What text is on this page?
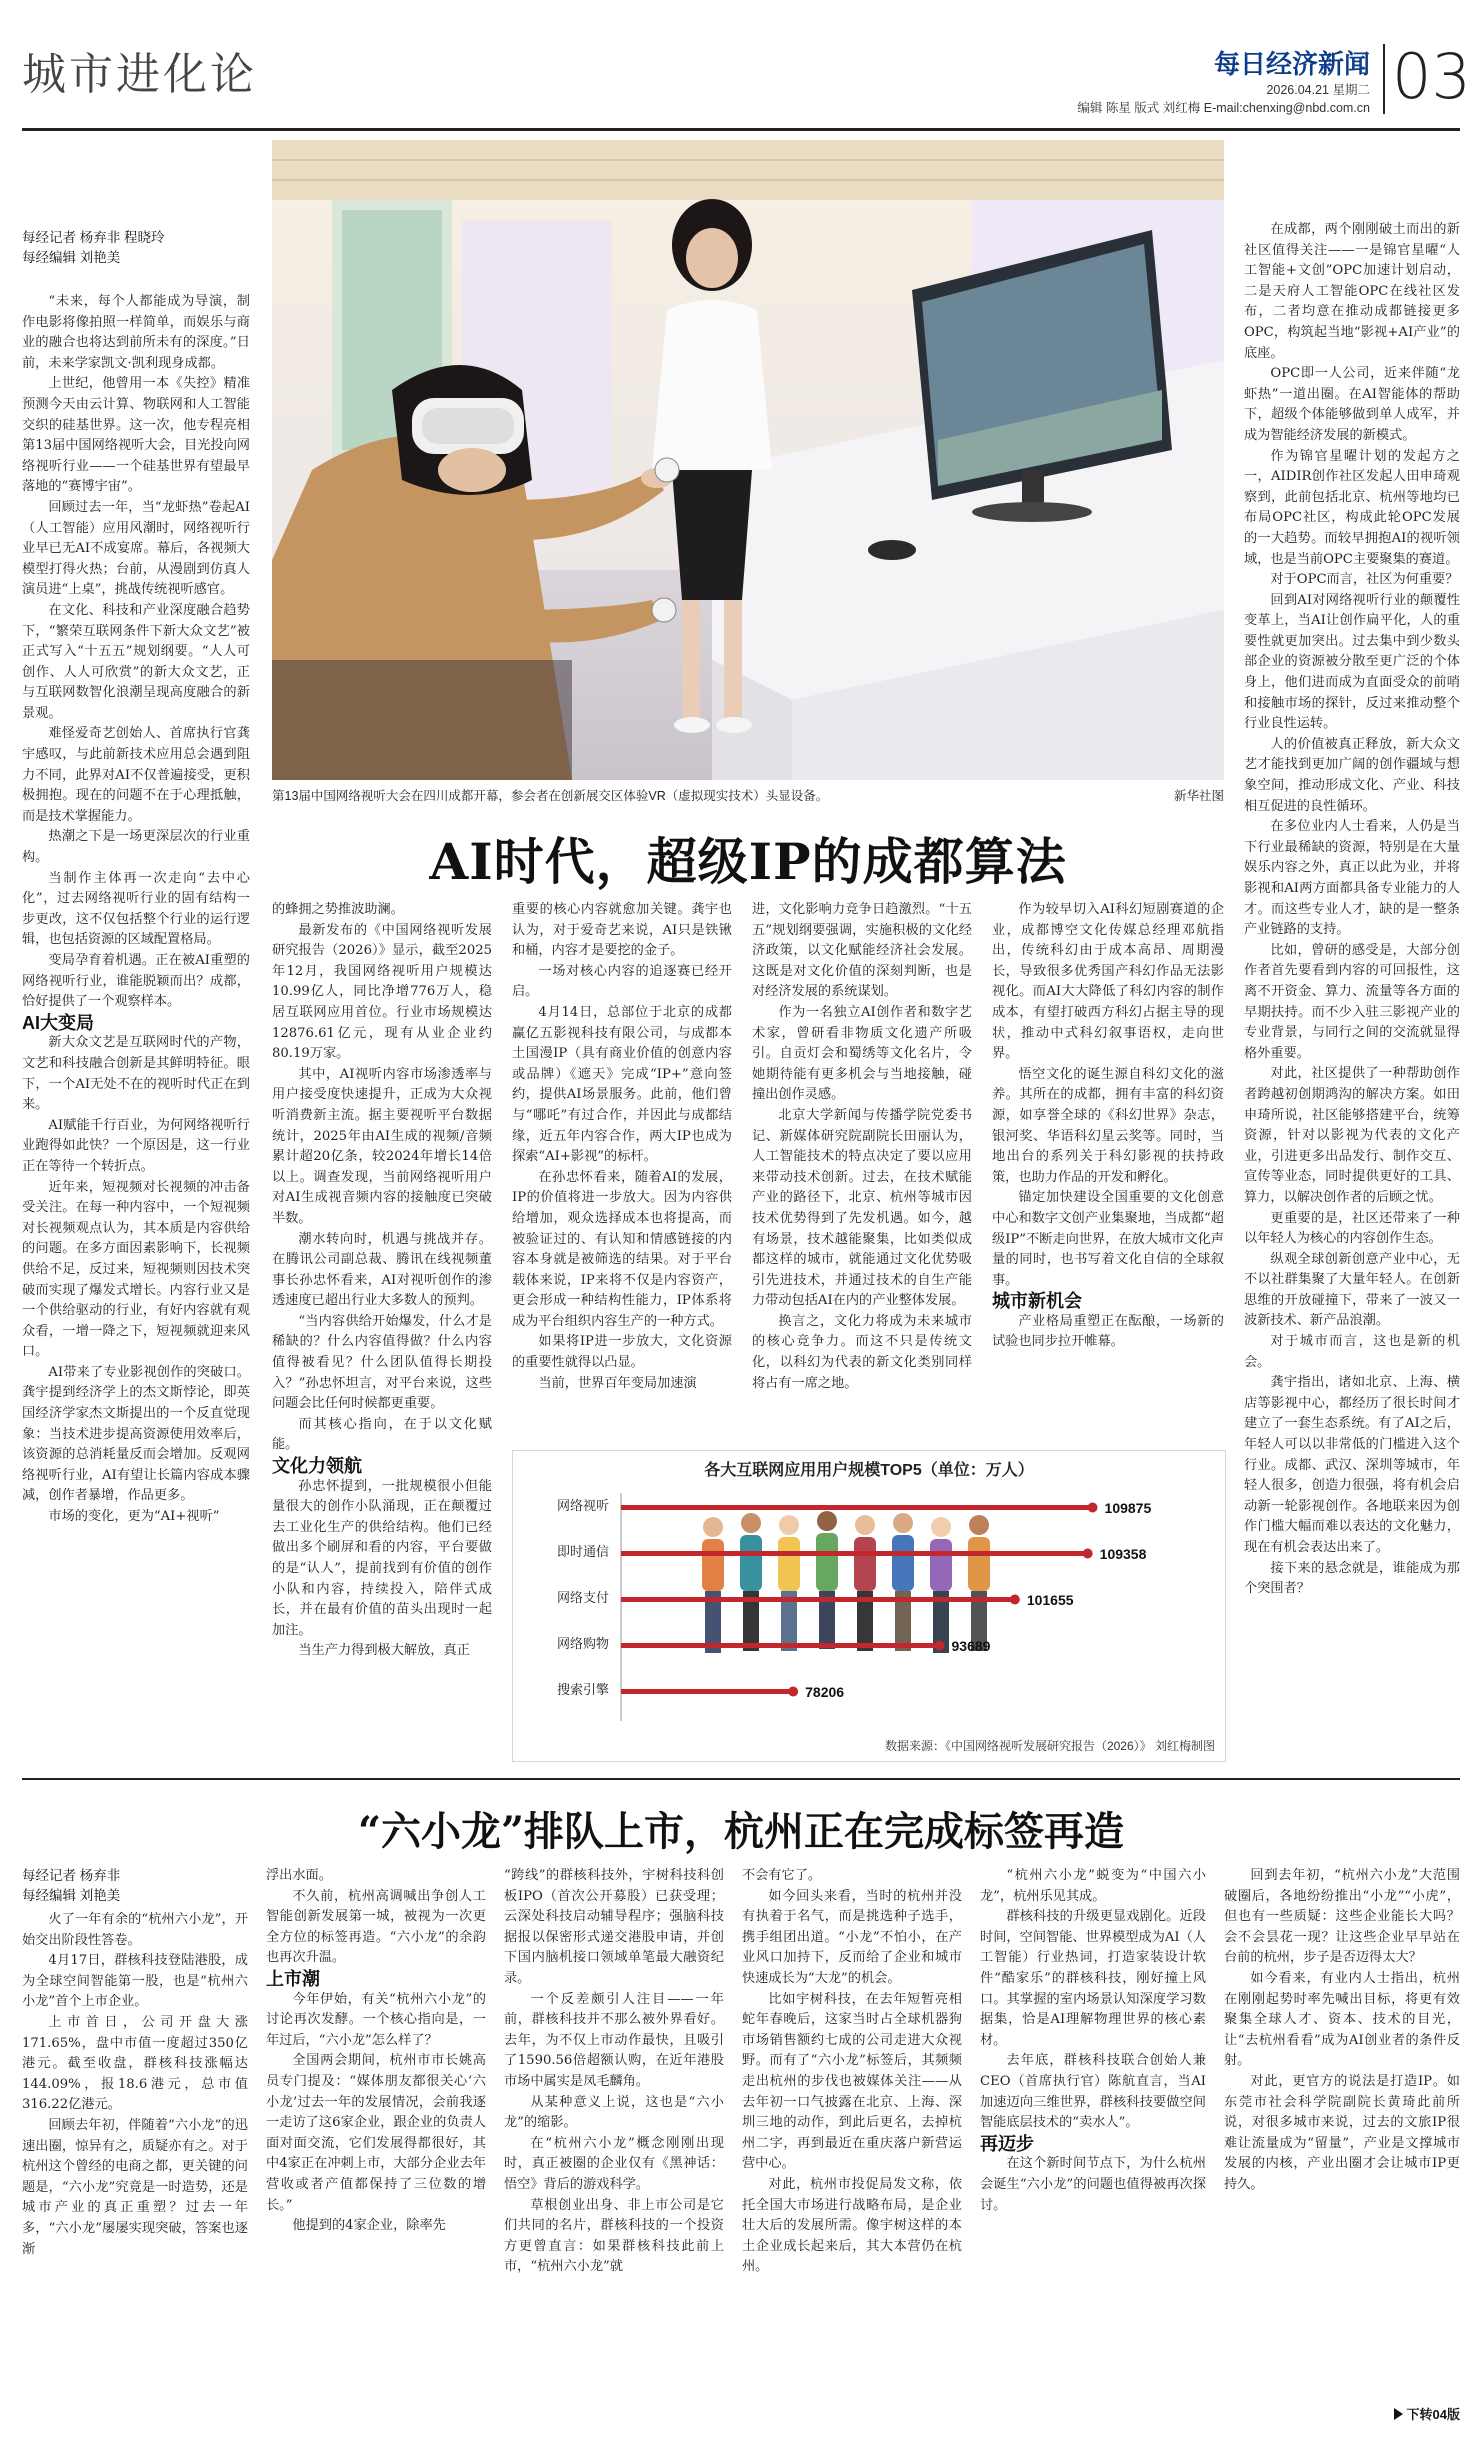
城市进化论	每日经济新闻
2026.04.21 星期二
编辑 陈星 版式 刘红梅 E-mail:chenxing@nbd.com.cn 03
每经记者 杨弃非 程晓玲
每经编辑 刘艳美
第13届中国网络视听大会在四川成都开幕，参会者在创新展交区体验VR（虚拟现实技术）头显设备。	新华社图
AI时代，超级IP的成都算法

“未来，每个人都能成为导演，制作电影将像拍照一样简单，而娱乐与商业的融合也将达到前所未有的深度。”日前，未来学家凯文·凯利现身成都。

上世纪，他曾用一本《失控》精准预测今天由云计算、物联网和人工智能交织的硅基世界。这一次，他专程亮相第13届中国网络视听大会，目光投向网络视听行业——一个硅基世界有望最早落地的“赛博宇宙”。

回顾过去一年，当“龙虾热”卷起AI（人工智能）应用风潮时，网络视听行业早已无AI不成宴席。幕后，各视频大模型打得火热；台前，从漫剧到仿真人演员进“上桌”，挑战传统视听感官。

在文化、科技和产业深度融合趋势下，“繁荣互联网条件下新大众文艺”被正式写入“十五五”规划纲要。“人人可创作、人人可欣赏”的新大众文艺，正与互联网数智化浪潮呈现高度融合的新景观。

难怪爱奇艺创始人、首席执行官龚宇感叹，与此前新技术应用总会遇到阻力不同，此界对AI不仅普遍接受，更积极拥抱。现在的问题不在于心理抵触，而是技术掌握能力。

热潮之下是一场更深层次的行业重构。

当制作主体再一次走向“去中心化”，过去网络视听行业的固有结构一步更改，这不仅包括整个行业的运行逻辑，也包括资源的区域配置格局。

变局孕育着机遇。正在被AI重塑的网络视听行业，谁能脱颖而出？成都，恰好提供了一个观察样本。

AI大变局

新大众文艺是互联网时代的产物，文艺和科技融合创新是其鲜明特征。眼下，一个AI无处不在的视听时代正在到来。

AI赋能千行百业，为何网络视听行业跑得如此快？一个原因是，这一行业正在等待一个转折点。

近年来，短视频对长视频的冲击备受关注。在每一种内容中，一个短视频对长视频观点认为，其本质是内容供给的问题。在多方面因素影响下，长视频供给不足，反过来，短视频则因技术突破而实现了爆发式增长。内容行业又是一个供给驱动的行业，有好内容就有观众看，一增一降之下，短视频就迎来风口。

AI带来了专业影视创作的突破口。龚宇提到经济学上的杰文斯悖论，即英国经济学家杰文斯提出的一个反直觉现象：当技术进步提高资源使用效率后，该资源的总消耗量反而会增加。反观网络视听行业，AI有望让长篇内容成本骤减，创作者暴增，作品更多。

市场的变化，更为“AI+视听”

的蜂拥之势推波助澜。

最新发布的《中国网络视听发展研究报告（2026）》显示，截至2025年12月，我国网络视听用户规模达10.99亿人，同比净增776万人，稳居互联网应用首位。行业市场规模达12876.61亿元，现有从业企业约80.19万家。

其中，AI视听内容市场渗透率与用户接受度快速提升，正成为大众视听消费新主流。据主要视听平台数据统计，2025年由AI生成的视频/音频累计超20亿条，较2024年增长14倍以上。调查发现，当前网络视听用户对AI生成视音频内容的接触度已突破半数。

潮水转向时，机遇与挑战并存。在腾讯公司副总裁、腾讯在线视频董事长孙忠怀看来，AI对视听创作的渗透速度已超出行业大多数人的预判。

“当内容供给开始爆发，什么才是稀缺的？什么内容值得做？什么内容值得被看见？什么团队值得长期投入？”孙忠怀坦言，对平台来说，这些问题会比任何时候都更重要。

而其核心指向，在于以文化赋能。

文化力领航

孙忠怀提到，一批规模很小但能量很大的创作小队涌现，正在颠覆过去工业化生产的供给结构。他们已经做出多个刷屏和看的内容，平台要做的是“认人”，提前找到有价值的创作小队和内容，持续投入，陪伴式成长，并在最有价值的苗头出现时一起加注。

当生产力得到极大解放，真正

重要的核心内容就愈加关键。龚宇也认为，对于爱奇艺来说，AI只是铁锹和桶，内容才是要挖的金子。

一场对核心内容的追逐赛已经开启。

4月14日，总部位于北京的成都赢亿五影视科技有限公司，与成都本土国漫IP（具有商业价值的创意内容或品牌）《遮天》完成“IP+”意向签约，提供AI场景服务。此前，他们曾与“哪吒”有过合作，并因此与成都结缘，近五年内容合作，两大IP也成为探索“AI+影视”的标杆。

在孙忠怀看来，随着AI的发展，IP的价值将进一步放大。因为内容供给增加，观众选择成本也将提高，而被验证过的、有认知和情感链接的内容本身就是被筛选的结果。对于平台载体来说，IP来将不仅是内容资产，更会形成一种结构性能力，IP体系将成为平台组织内容生产的一种方式。

如果将IP进一步放大，文化资源的重要性就得以凸显。

当前，世界百年变局加速演

进，文化影响力竞争日趋激烈。“十五五”规划纲要强调，实施积极的文化经济政策，以文化赋能经济社会发展。这既是对文化价值的深刻判断，也是对经济发展的系统谋划。

作为一名独立AI创作者和数字艺术家，曾研看非物质文化遗产所吸引。自贡灯会和蜀绣等文化名片，令她期待能有更多机会与当地接触，碰撞出创作灵感。

北京大学新闻与传播学院党委书记、新媒体研究院副院长田丽认为，人工智能技术的特点决定了要以应用来带动技术创新。过去，在技术赋能产业的路径下，北京、杭州等城市因技术优势得到了先发机遇。如今，越有场景，技术越能聚集，比如类似成都这样的城市，就能通过文化优势吸引先进技术，并通过技术的自生产能力带动包括AI在内的产业整体发展。

换言之，文化力将成为未来城市的核心竞争力。而这不只是传统文化，以科幻为代表的新文化类别同样将占有一席之地。

作为较早切入AI科幻短剧赛道的企业，成都博空文化传媒总经理邓航指出，传统科幻由于成本高昂、周期漫长，导致很多优秀国产科幻作品无法影视化。而AI大大降低了科幻内容的制作成本，有望打破西方科幻占据主导的现状，推动中式科幻叙事语权，走向世界。

悟空文化的诞生源自科幻文化的滋养。其所在的成都，拥有丰富的科幻资源，如享誉全球的《科幻世界》杂志，银河奖、华语科幻星云奖等。同时，当地出台的系列关于科幻影视的扶持政策，也助力作品的开发和孵化。

锚定加快建设全国重要的文化创意中心和数字文创产业集聚地，当成都“超级IP”不断走向世界，在放大城市文化声量的同时，也书写着文化自信的全球叙事。

城市新机会

产业格局重塑正在酝酿，一场新的试验也同步拉开帷幕。

在成都，两个刚刚破土而出的新社区值得关注——一是锦官星曜“人工智能+文创”OPC加速计划启动，二是天府人工智能OPC在线社区发布，二者均意在推动成都链接更多OPC，构筑起当地“影视+AI产业”的底座。

OPC即一人公司，近来伴随“龙虾热”一道出圈。在AI智能体的帮助下，超级个体能够做到单人成军，并成为智能经济发展的新模式。

作为锦官星曜计划的发起方之一，AIDIR创作社区发起人田申琦观察到，此前包括北京、杭州等地均已布局OPC社区，构成此轮OPC发展的一大趋势。而较早拥抱AI的视听领域，也是当前OPC主要聚集的赛道。

对于OPC而言，社区为何重要？

回到AI对网络视听行业的颠覆性变革上，当AI让创作扁平化，人的重要性就更加突出。过去集中到少数头部企业的资源被分散至更广泛的个体身上，他们进而成为直面受众的前哨和接触市场的探针，反过来推动整个行业良性运转。

人的价值被真正释放，新大众文艺才能找到更加广阔的创作疆域与想象空间，推动形成文化、产业、科技相互促进的良性循环。

在多位业内人士看来，人仍是当下行业最稀缺的资源，特别是在大量娱乐内容之外，真正以此为业，并将影视和AI两方面都具备专业能力的人才。而这些专业人才，缺的是一整条产业链路的支持。

比如，曾研的感受是，大部分创作者首先要看到内容的可回报性，这离不开资金、算力、流量等各方面的早期扶持。而不少入驻三影视产业的专业背景，与同行之间的交流就显得格外重要。

对此，社区提供了一种帮助创作者跨越初创期鸿沟的解决方案。如田申琦所说，社区能够搭建平台，统筹资源，针对以影视为代表的文化产业，引进更多出品发行、制作交互、宣传等业态，同时提供更好的工具、算力，以解决创作者的后顾之忧。

更重要的是，社区还带来了一种以年轻人为核心的内容创作生态。

纵观全球创新创意产业中心，无不以社群集聚了大量年轻人。在创新思维的开放碰撞下，带来了一波又一波新技术、新产品浪潮。

对于城市而言，这也是新的机会。

龚宇指出，诸如北京、上海、横店等影视中心，都经历了很长时间才建立了一套生态系统。有了AI之后，年轻人可以以非常低的门槛进入这个行业。成都、武汉、深圳等城市，年轻人很多，创造力很强，将有机会启动新一轮影视创作。各地联来因为创作门槛大幅而难以表达的文化魅力，现在有机会表达出来了。

接下来的悬念就是，谁能成为那个突围者？

各大互联网应用用户规模TOP5（单位：万人）
网络视听	109875
即时通信	109358
网络支付	101655
网络购物	93689
搜索引擎	78206
数据来源：《中国网络视听发展研究报告（2026）》 刘红梅制图
“六小龙”排队上市，杭州正在完成标签再造
每经记者 杨弃非
每经编辑 刘艳美

火了一年有余的“杭州六小龙”，开始交出阶段性答卷。

4月17日，群核科技登陆港股，成为全球空间智能第一股，也是“杭州六小龙”首个上市企业。

上市首日，公司开盘大涨171.65%，盘中市值一度超过350亿港元。截至收盘，群核科技涨幅达144.09%，报18.6港元，总市值316.22亿港元。

回顾去年初，伴随着“六小龙”的迅速出圈，惊异有之，质疑亦有之。对于杭州这个曾经的电商之都，更关键的问题是，“六小龙”究竟是一时造势，还是城市产业的真正重塑？过去一年多，“六小龙”屡屡实现突破，答案也逐渐

浮出水面。

不久前，杭州高调喊出争创人工智能创新发展第一城，被视为一次更全方位的标签再造。“六小龙”的余韵也再次升温。

上市潮

今年伊始，有关“杭州六小龙”的讨论再次发酵。一个核心指向是，一年过后，“六小龙”怎么样了？

全国两会期间，杭州市市长姚高员专门提及：“媒体朋友都很关心‘六小龙’过去一年的发展情况，会前我逐一走访了这6家企业，跟企业的负责人面对面交流，它们发展得都很好，其中4家正在冲刺上市，大部分企业去年营收或者产值都保持了三位数的增长。”

他提到的4家企业，除率先

“跨线”的群核科技外，宇树科技科创板IPO（首次公开募股）已获受理；云深处科技启动辅导程序；强脑科技据报以保密形式递交港股申请，并创下国内脑机接口领域单笔最大融资纪录。

一个反差颇引人注目——一年前，群核科技并不那么被外界看好。去年，为不仅上市动作最快，且吸引了1590.56倍超额认购，在近年港股市场中属实是凤毛麟角。

从某种意义上说，这也是“六小龙”的缩影。

在“杭州六小龙”概念刚刚出现时，真正被圈的企业仅有《黑神话：悟空》背后的游戏科学。

草根创业出身、非上市公司是它们共同的名片，群核科技的一个投资方更曾直言：如果群核科技此前上市，“杭州六小龙”就

不会有它了。

如今回头来看，当时的杭州并没有执着于名气，而是挑选种子选手，携手组团出道。“小龙”不怕小，在产业风口加持下，反而给了企业和城市快速成长为“大龙”的机会。

比如宇树科技，在去年短暂亮相蛇年春晚后，这家当时占全球机器狗市场销售额约七成的公司走进大众视野。而有了“六小龙”标签后，其频频走出杭州的步伐也被媒体关注——从去年初一口气披露在北京、上海、深圳三地的动作，到此后更名，去掉杭州二字，再到最近在重庆落户新营运营中心。

对此，杭州市投促局发文称，依托全国大市场进行战略布局，是企业壮大后的发展所需。像宇树这样的本土企业成长起来后，其大本营仍在杭州。

“杭州六小龙”蜕变为“中国六小龙”，杭州乐见其成。

群核科技的升级更显戏剧化。近段时间，空间智能、世界模型成为AI（人工智能）行业热词，打造家装设计软件“酷家乐”的群核科技，刚好撞上风口。其掌握的室内场景认知深度学习数据集，恰是AI理解物理世界的核心素材。

去年底，群核科技联合创始人兼CEO（首席执行官）陈航直言，当AI加速迈向三维世界，群核科技要做空间智能底层技术的“卖水人”。

再迈步

在这个新时间节点下，为什么杭州会诞生“六小龙”的问题也值得被再次探讨。

回到去年初，“杭州六小龙”大范围破圈后，各地纷纷推出“小龙”“小虎”，但也有一些质疑：这些企业能长大吗？会不会昙花一现？让这些企业早早站在台前的杭州，步子是否迈得太大？

如今看来，有业内人士指出，杭州在刚刚起势时率先喊出目标，将更有效聚集全球人才、资本、技术的目光，让“去杭州看看”成为AI创业者的条件反射。

对此，更官方的说法是打造IP。如东莞市社会科学院副院长黄琦此前所说，对很多城市来说，过去的文旅IP很难让流量成为“留量”，产业是文撑城市发展的内核，产业出圈才会让城市IP更持久。

下转04版
